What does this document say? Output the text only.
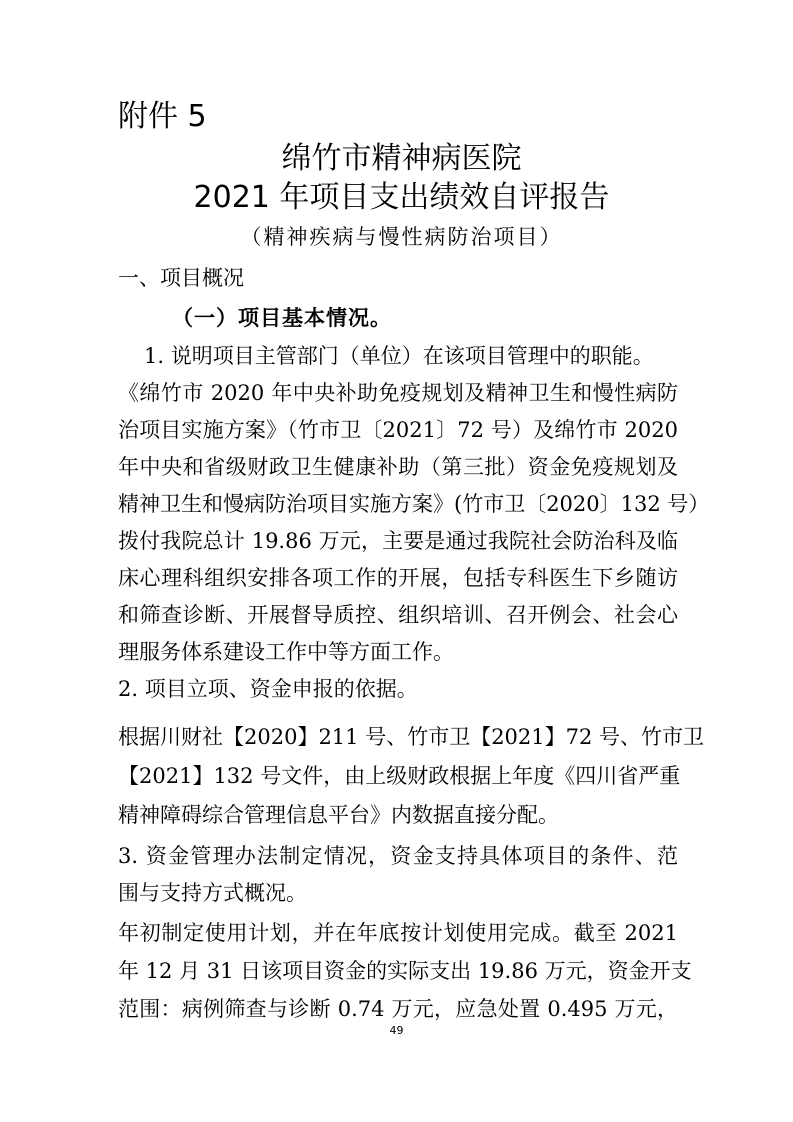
附件 5
绵竹市精神病医院
2021 年项目支出绩效自评报告
（精神疾病与慢性病防治项目）
一、项目概况
（一）项目基本情况。
1. 说明项目主管部门（单位）在该项目管理中的职能。
《绵竹市 2020 年中央补助免疫规划及精神卫生和慢性病防
治项目实施方案》（竹市卫〔2021〕72 号）及绵竹市 2020
年中央和省级财政卫生健康补助（第三批）资金免疫规划及
精神卫生和慢病防治项目实施方案》(竹市卫〔2020〕132 号）
拨付我院总计 19.86 万元，主要是通过我院社会防治科及临
床心理科组织安排各项工作的开展，包括专科医生下乡随访
和筛查诊断、开展督导质控、组织培训、召开例会、社会心
理服务体系建设工作中等方面工作。
2. 项目立项、资金申报的依据。
根据川财社【2020】211 号、竹市卫【2021】72 号、竹市卫
【2021】132 号文件，由上级财政根据上年度《四川省严重
精神障碍综合管理信息平台》内数据直接分配。
3. 资金管理办法制定情况，资金支持具体项目的条件、范
围与支持方式概况。
年初制定使用计划，并在年底按计划使用完成。截至 2021
年 12 月 31 日该项目资金的实际支出 19.86 万元，资金开支
范围：病例筛查与诊断 0.74 万元，应急处置 0.495 万元，
49
